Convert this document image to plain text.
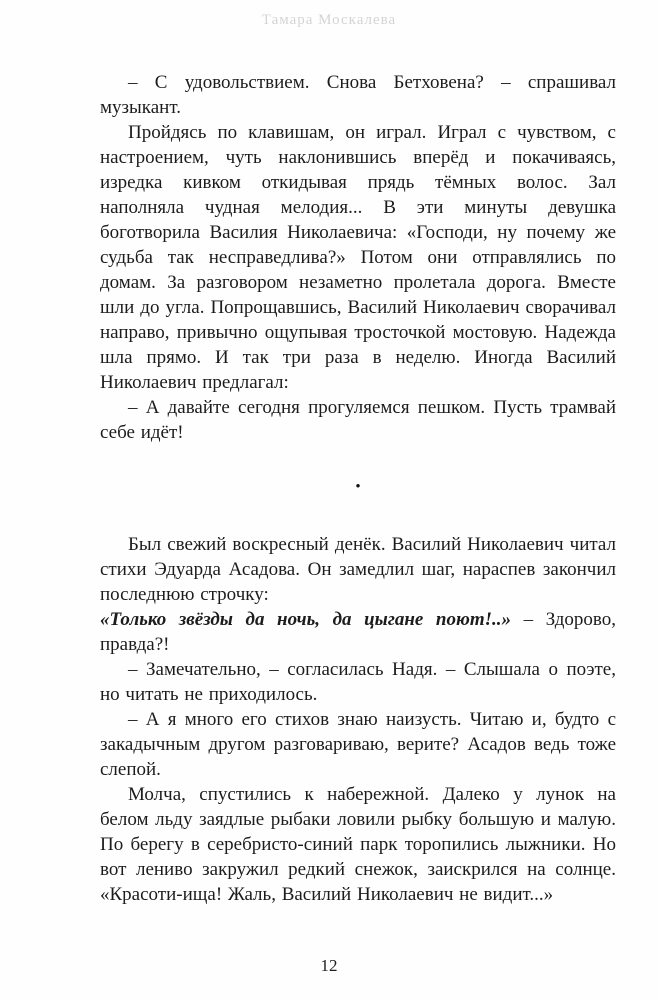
Тамара Москалева

– С удовольствием. Снова Бетховена? – спрашивал музыкант.

Пройдясь по клавишам, он играл. Играл с чувством, с настроением, чуть наклонившись вперёд и покачиваясь, изредка кивком откидывая прядь тёмных волос. Зал наполняла чудная мелодия... В эти минуты девушка боготворила Василия Николаевича: «Господи, ну почему же судьба так несправедлива?» Потом они отправлялись по домам. За разговором незаметно пролетала дорога. Вместе шли до угла. Попрощавшись, Василий Николаевич сворачивал направо, привычно ощупывая тросточкой мостовую. Надежда шла прямо. И так три раза в неделю. Иногда Василий Николаевич предлагал:

– А давайте сегодня прогуляемся пешком. Пусть трамвай себе идёт!

•

Был свежий воскресный денёк. Василий Николаевич читал стихи Эдуарда Асадова. Он замедлил шаг, нараспев закончил последнюю строчку:

«Только звёзды да ночь, да цыгане поют!..» – Здорово, правда?!

– Замечательно, – согласилась Надя. – Слышала о поэте, но читать не приходилось.

– А я много его стихов знаю наизусть. Читаю и, будто с закадычным другом разговариваю, верите? Асадов ведь тоже слепой.

Молча, спустились к набережной. Далеко у лунок на белом льду заядлые рыбаки ловили рыбку большую и малую. По берегу в серебристо-синий парк торопились лыжники. Но вот лениво закружил редкий снежок, заискрился на солнце. «Красоти-ища! Жаль, Василий Николаевич не видит...»

12
